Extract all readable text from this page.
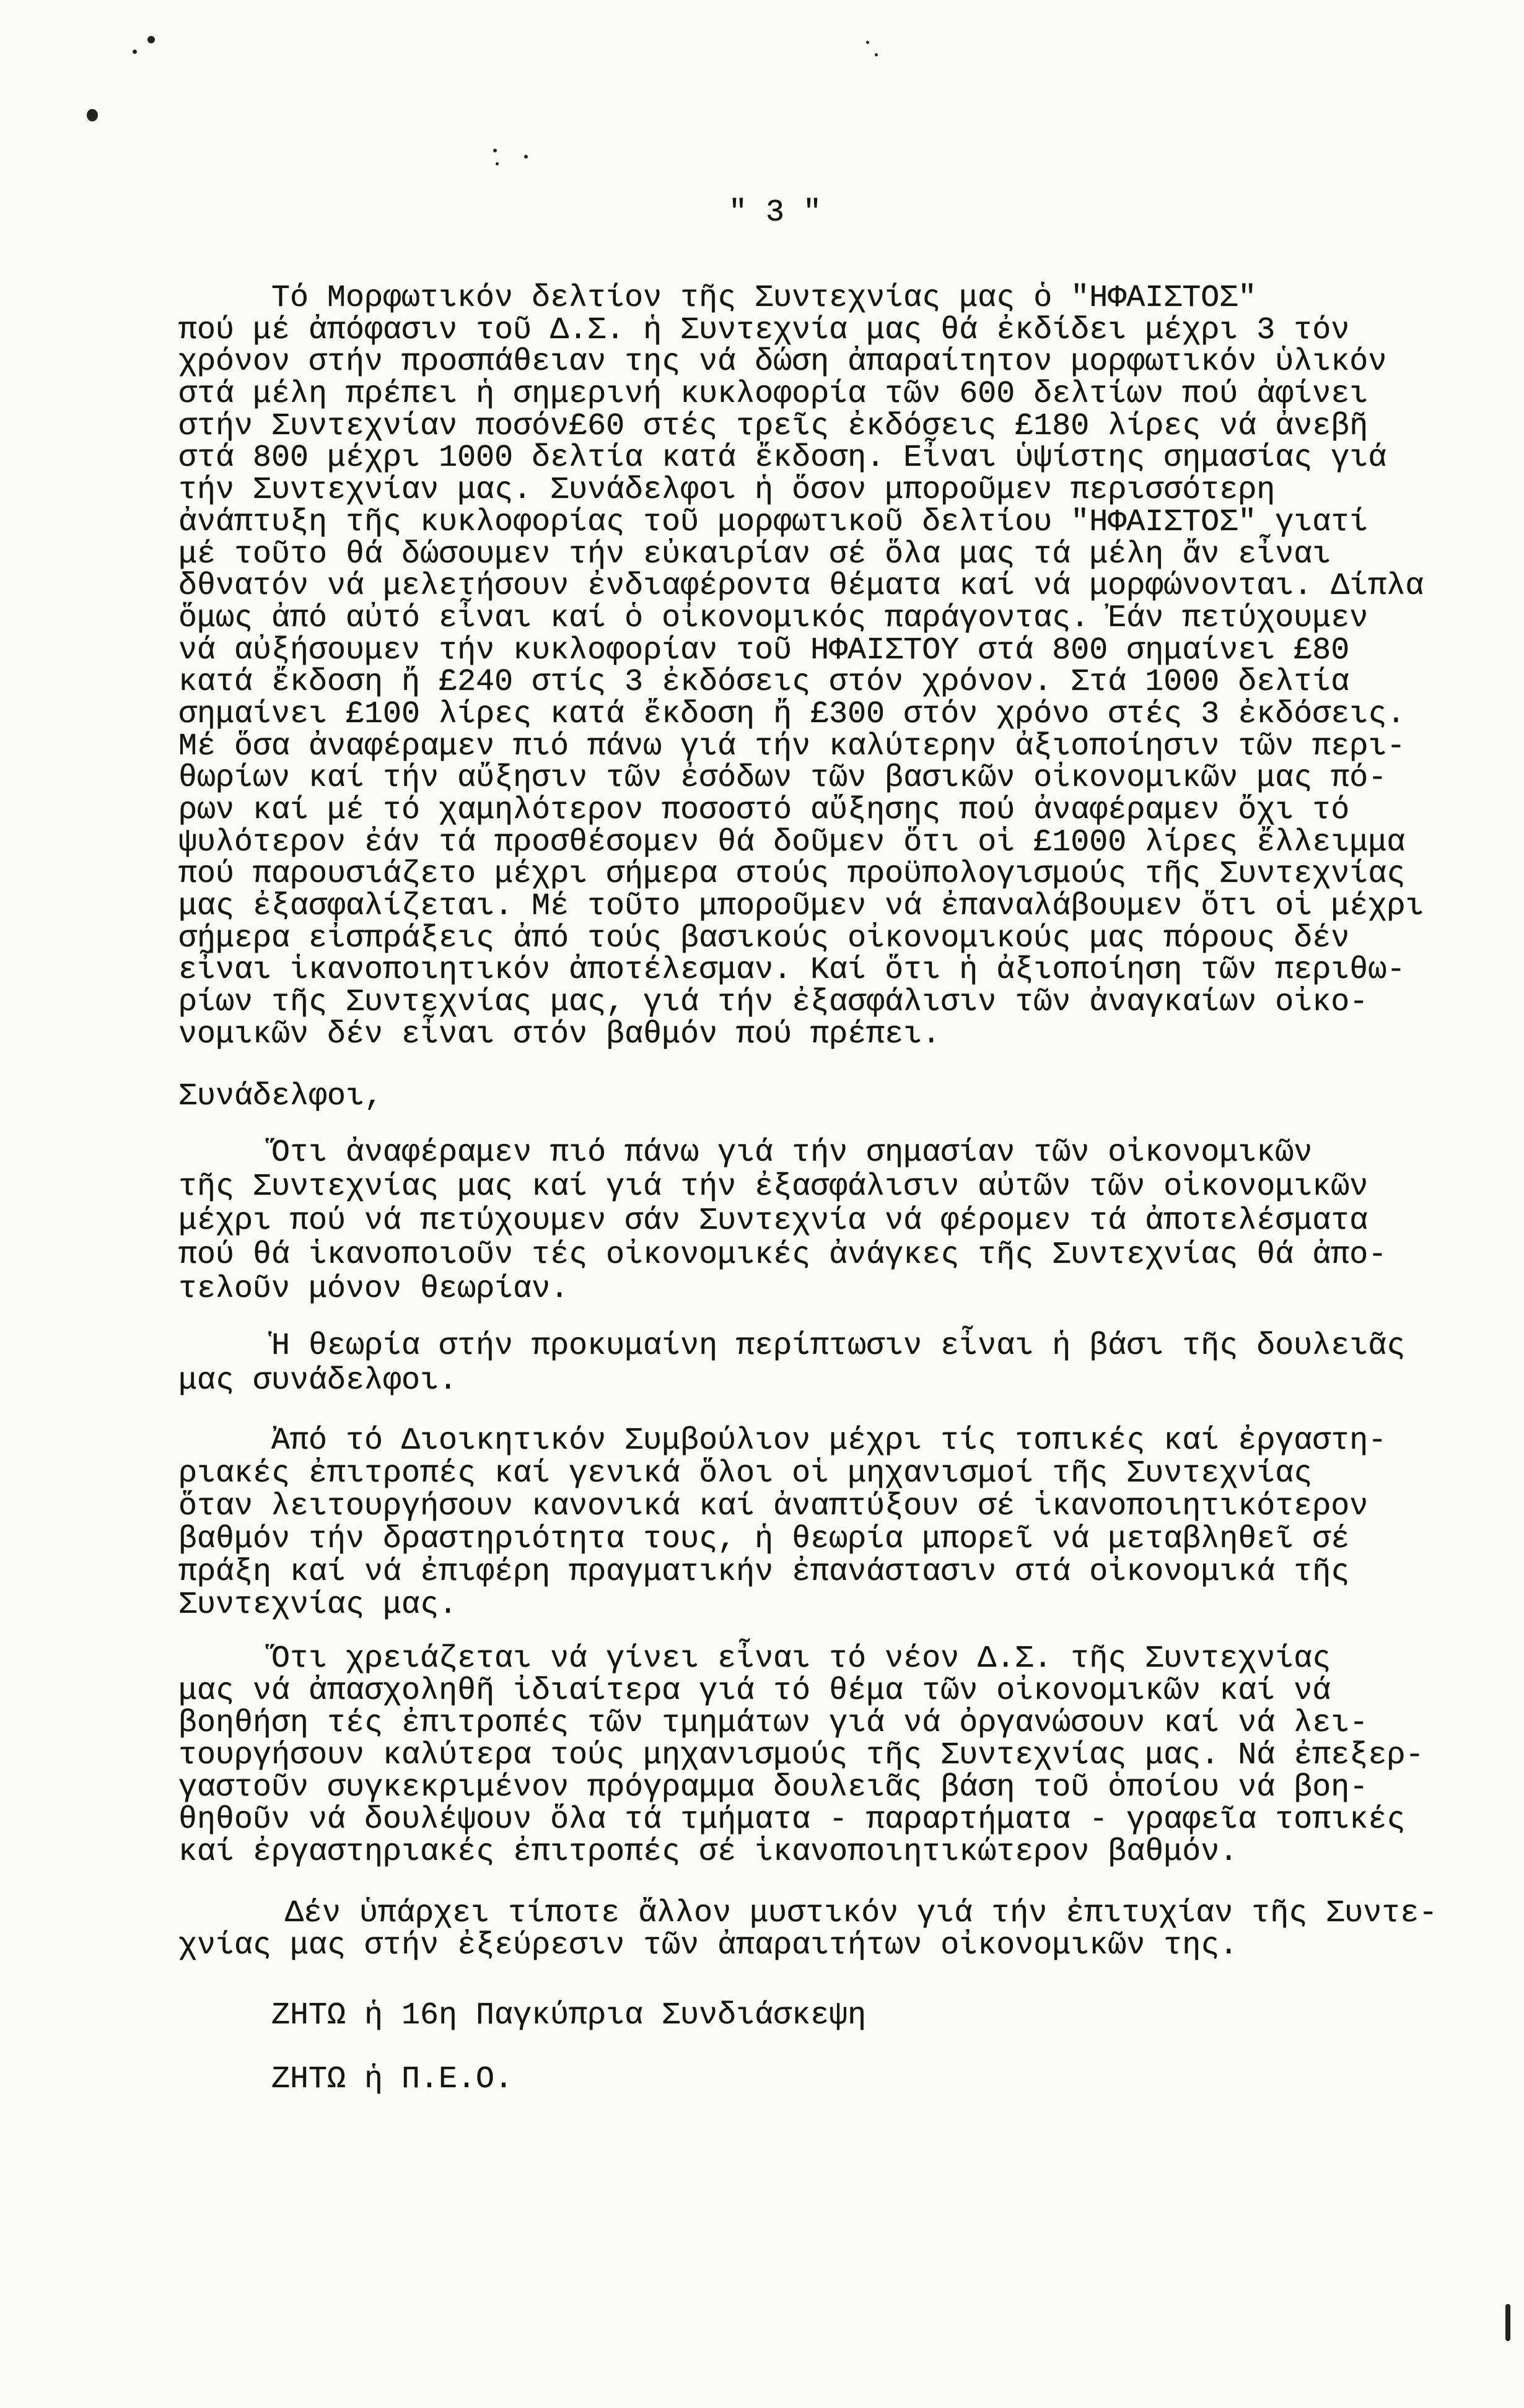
" 3 "
Τό Μορφωτικόν δελτίον τῆς Συντεχνίας μας ὁ "ΗΦΑΙΣΤΟΣ"
πού μέ ἀπόφασιν τοῦ Δ.Σ. ἡ Συντεχνία μας θά ἐκδίδει μέχρι 3 τόν
χρόνον στήν προσπάθειαν της νά δώση ἀπαραίτητον μορφωτικόν ὑλικόν
στά μέλη πρέπει ἡ σημερινή κυκλοφορία τῶν 600 δελτίων πού ἀφίνει
στήν Συντεχνίαν ποσόν£60 στές τρεῖς ἐκδόσεις £180 λίρες νά ἀνεβῆ
στά 800 μέχρι 1000 δελτία κατά ἔκδοση. Εἶναι ὑψίστης σημασίας γιά
τήν Συντεχνίαν μας. Συνάδελφοι ἡ ὅσον μποροῦμεν περισσότερη
ἀνάπτυξη τῆς κυκλοφορίας τοῦ μορφωτικοῦ δελτίου "ΗΦΑΙΣΤΟΣ" γιατί
μέ τοῦτο θά δώσουμεν τήν εὐκαιρίαν σέ ὅλα μας τά μέλη ἄν εἶναι
δθνατόν νά μελετήσουν ἐνδιαφέροντα θέματα καί νά μορφώνονται. Δίπλα
ὅμως ἀπό αὐτό εἶναι καί ὁ οἰκονομικός παράγοντας. Ἐάν πετύχουμεν
νά αὐξήσουμεν τήν κυκλοφορίαν τοῦ ΗΦΑΙΣΤΟΥ στά 800 σημαίνει £80
κατά ἔκδοση ἤ £240 στίς 3 ἐκδόσεις στόν χρόνον. Στά 1000 δελτία
σημαίνει £100 λίρες κατά ἔκδοση ἤ £300 στόν χρόνο στές 3 ἐκδόσεις.
Μέ ὅσα ἀναφέραμεν πιό πάνω γιά τήν καλύτερην ἀξιοποίησιν τῶν περι-
θωρίων καί τήν αὔξησιν τῶν ἐσόδων τῶν βασικῶν οἰκονομικῶν μας πό-
ρων καί μέ τό χαμηλότερον ποσοστό αὔξησης πού ἀναφέραμεν ὄχι τό
ψυλότερον ἐάν τά προσθέσομεν θά δοῦμεν ὅτι οἱ £1000 λίρες ἔλλειμμα
πού παρουσιάζετο μέχρι σήμερα στούς προϋπολογισμούς τῆς Συντεχνίας
μας ἐξασφαλίζεται. Μέ τοῦτο μποροῦμεν νά ἐπαναλάβουμεν ὅτι οἱ μέχρι
σήμερα εἰσπράξεις ἀπό τούς βασικούς οἰκονομικούς μας πόρους δέν
εἶναι ἱκανοποιητικόν ἀποτέλεσμαν. Καί ὅτι ἡ ἀξιοποίηση τῶν περιθω-
ρίων τῆς Συντεχνίας μας, γιά τήν ἐξασφάλισιν τῶν ἀναγκαίων οἰκο-
νομικῶν δέν εἶναι στόν βαθμόν πού πρέπει.
Συνάδελφοι,
Ὅτι ἀναφέραμεν πιό πάνω γιά τήν σημασίαν τῶν οἰκονομικῶν
τῆς Συντεχνίας μας καί γιά τήν ἐξασφάλισιν αὐτῶν τῶν οἰκονομικῶν
μέχρι πού νά πετύχουμεν σάν Συντεχνία νά φέρομεν τά ἀποτελέσματα
πού θά ἱκανοποιοῦν τές οἰκονομικές ἀνάγκες τῆς Συντεχνίας θά ἀπο-
τελοῦν μόνον θεωρίαν.
Ἡ θεωρία στήν προκυμαίνη περίπτωσιν εἶναι ἡ βάσι τῆς δουλειᾶς
μας συνάδελφοι.
Ἀπό τό Διοικητικόν Συμβούλιον μέχρι τίς τοπικές καί ἐργαστη-
ριακές ἐπιτροπές καί γενικά ὅλοι οἱ μηχανισμοί τῆς Συντεχνίας
ὅταν λειτουργήσουν κανονικά καί ἀναπτύξουν σέ ἱκανοποιητικότερον
βαθμόν τήν δραστηριότητα τους, ἡ θεωρία μπορεῖ νά μεταβληθεῖ σέ
πράξη καί νά ἐπιφέρη πραγματικήν ἐπανάστασιν στά οἰκονομικά τῆς
Συντεχνίας μας.
Ὅτι χρειάζεται νά γίνει εἶναι τό νέον Δ.Σ. τῆς Συντεχνίας
μας νά ἀπασχοληθῆ ἰδιαίτερα γιά τό θέμα τῶν οἰκονομικῶν καί νά
βοηθήση τές ἐπιτροπές τῶν τμημάτων γιά νά ὀργανώσουν καί νά λει-
τουργήσουν καλύτερα τούς μηχανισμούς τῆς Συντεχνίας μας. Νά ἐπεξερ-
γαστοῦν συγκεκριμένον πρόγραμμα δουλειᾶς βάση τοῦ ὁποίου νά βοη-
θηθοῦν νά δουλέψουν ὅλα τά τμήματα - παραρτήματα - γραφεῖα τοπικές
καί ἐργαστηριακές ἐπιτροπές σέ ἱκανοποιητικώτερον βαθμόν.
Δέν ὑπάρχει τίποτε ἄλλον μυστικόν γιά τήν ἐπιτυχίαν τῆς Συντε-
χνίας μας στήν ἐξεύρεσιν τῶν ἀπαραιτήτων οἰκονομικῶν της.
ΖΗΤΩ ἡ 16η Παγκύπρια Συνδιάσκεψη
ΖΗΤΩ ἡ Π.Ε.Ο.
